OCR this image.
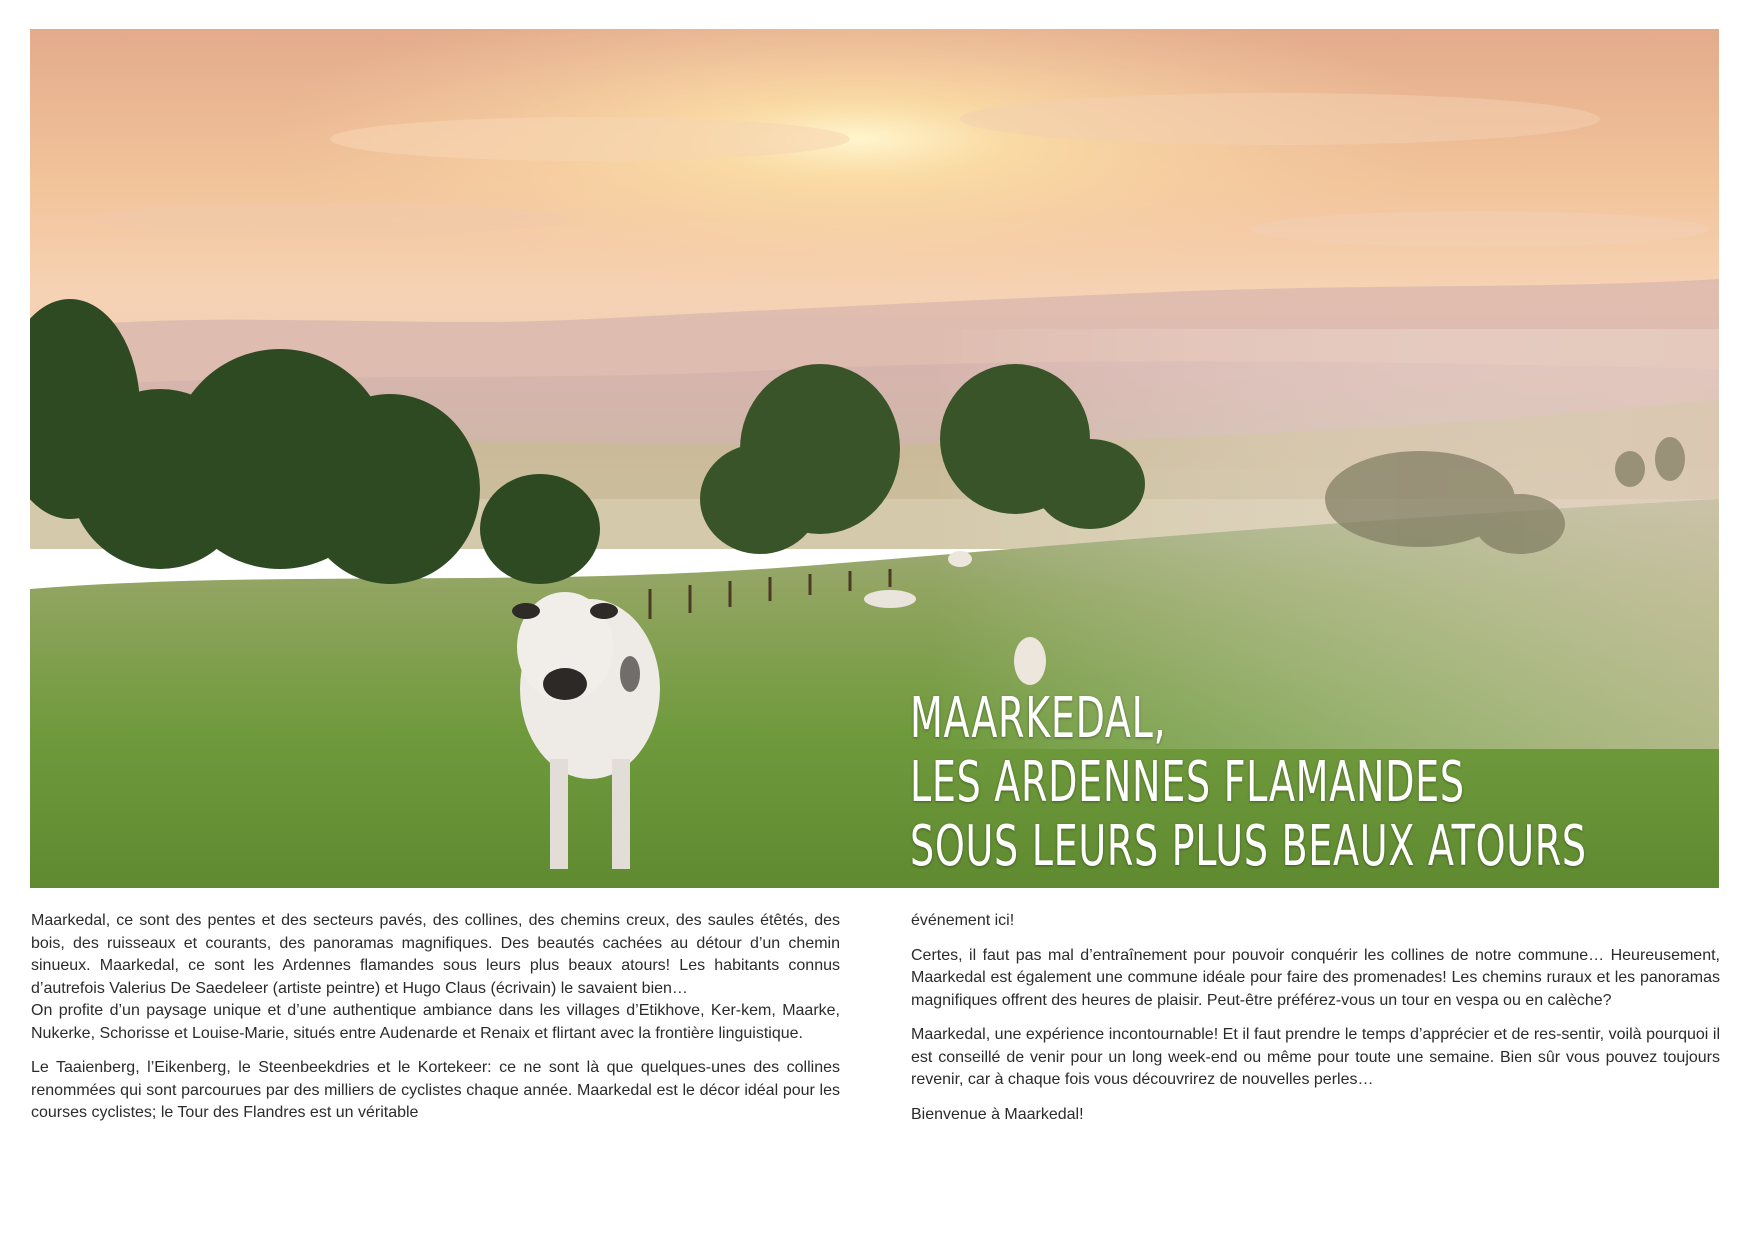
MAARKEDAL,
LES ARDENNES FLAMANDES
SOUS LEURS PLUS BEAUX ATOURS

Maarkedal, ce sont des pentes et des secteurs pavés, des collines, des chemins creux, des saules étêtés, des bois, des ruisseaux et courants, des panoramas magnifiques. Des beautés cachées au détour d’un chemin sinueux. Maarkedal, ce sont les Ardennes flamandes sous leurs plus beaux atours! Les habitants connus d’autrefois Valerius De Saedeleer (artiste peintre) et Hugo Claus (écrivain) le savaient bien…

On profite d’un paysage unique et d’une authentique ambiance dans les villages d’Etikhove, Ker-kem, Maarke, Nukerke, Schorisse et Louise-Marie, situés entre Audenarde et Renaix et flirtant avec la frontière linguistique.

Le Taaienberg, l’Eikenberg, le Steenbeekdries et le Kortekeer: ce ne sont là que quelques-unes des collines renommées qui sont parcourues par des milliers de cyclistes chaque année. Maarkedal est le décor idéal pour les courses cyclistes; le Tour des Flandres est un véritable

événement ici!

Certes, il faut pas mal d’entraînement pour pouvoir conquérir les collines de notre commune… Heureusement, Maarkedal est également une commune idéale pour faire des promenades! Les chemins ruraux et les panoramas magnifiques offrent des heures de plaisir. Peut-être préférez-vous un tour en vespa ou en calèche?

Maarkedal, une expérience incontournable! Et il faut prendre le temps d’apprécier et de res-sentir, voilà pourquoi il est conseillé de venir pour un long week-end ou même pour toute une semaine. Bien sûr vous pouvez toujours revenir, car à chaque fois vous découvrirez de nouvelles perles…

Bienvenue à Maarkedal!
